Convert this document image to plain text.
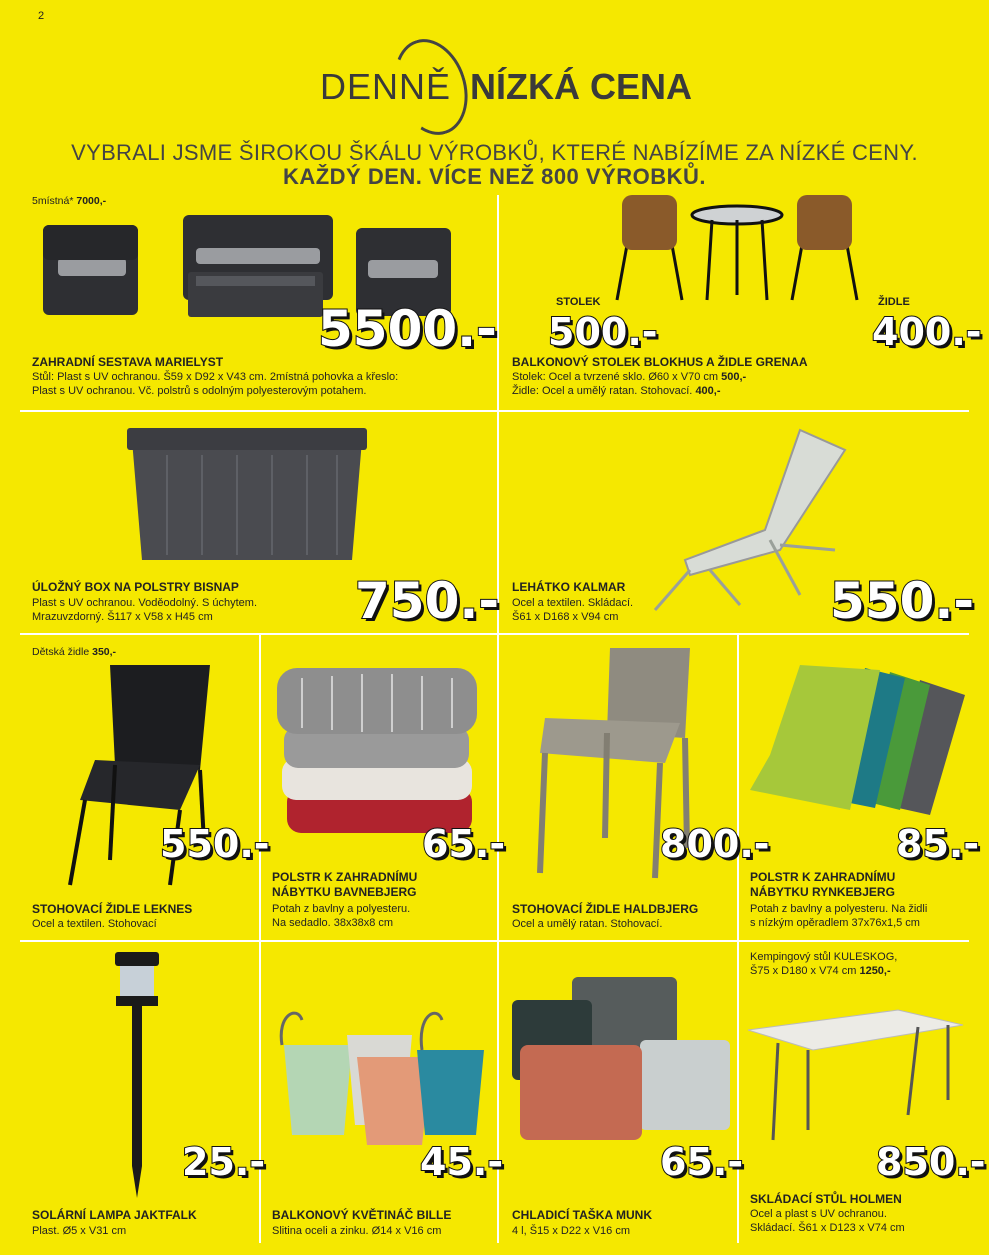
2
DENNĚ NÍZKÁ CENA
VYBRALI JSME ŠIROKOU ŠKÁLU VÝROBKŮ, KTERÉ NABÍZÍME ZA NÍZKÉ CENY.
KAŽDÝ DEN. VÍCE NEŽ 800 VÝROBKŮ.
5místná* 7000,-
5500.-
ZAHRADNÍ SESTAVA MARIELYST
Stůl: Plast s UV ochranou. Š59 x D92 x V43 cm. 2místná pohovka a křeslo:
Plast s UV ochranou. Vč. polstrů s odolným polyesterovým potahem.
STOLEK
500.-
ŽIDLE
400.-
BALKONOVÝ STOLEK BLOKHUS A ŽIDLE GRENAA
Stolek: Ocel a tvrzené sklo. Ø60 x V70 cm 500,-
Židle: Ocel a umělý ratan. Stohovací. 400,-
750.-
ÚLOŽNÝ BOX NA POLSTRY BISNAP
Plast s UV ochranou. Voděodolný. S úchytem.
Mrazuvzdorný. Š117 x V58 x H45 cm	550.-
LEHÁTKO KALMAR
Ocel a textilen. Skládací.
Š61 x D168 x V94 cm
Dětská židle 350,-
550.-
STOHOVACÍ ŽIDLE LEKNES
Ocel a textilen. Stohovací
65.-
POLSTR K ZAHRADNÍMU
NÁBYTKU BAVNEBJERG
Potah z bavlny a polyesteru.
Na sedadlo. 38x38x8 cm
800.-
STOHOVACÍ ŽIDLE HALDBJERG
Ocel a umělý ratan. Stohovací.
85.-
POLSTR K ZAHRADNÍMU
NÁBYTKU RYNKEBJERG
Potah z bavlny a polyesteru. Na židli
s nízkým opěradlem 37x76x1,5 cm
25.-
SOLÁRNÍ LAMPA JAKTFALK
Plast. Ø5 x V31 cm
45.-
BALKONOVÝ KVĚTINÁČ BILLE
Slitina oceli a zinku. Ø14 x V16 cm
65.-
CHLADICÍ TAŠKA MUNK
4 l, Š15 x D22 x V16 cm
Kempingový stůl KULESKOG,
Š75 x D180 x V74 cm 1250,-
850.-
SKLÁDACÍ STŮL HOLMEN
Ocel a plast s UV ochranou.
Skládací. Š61 x D123 x V74 cm
